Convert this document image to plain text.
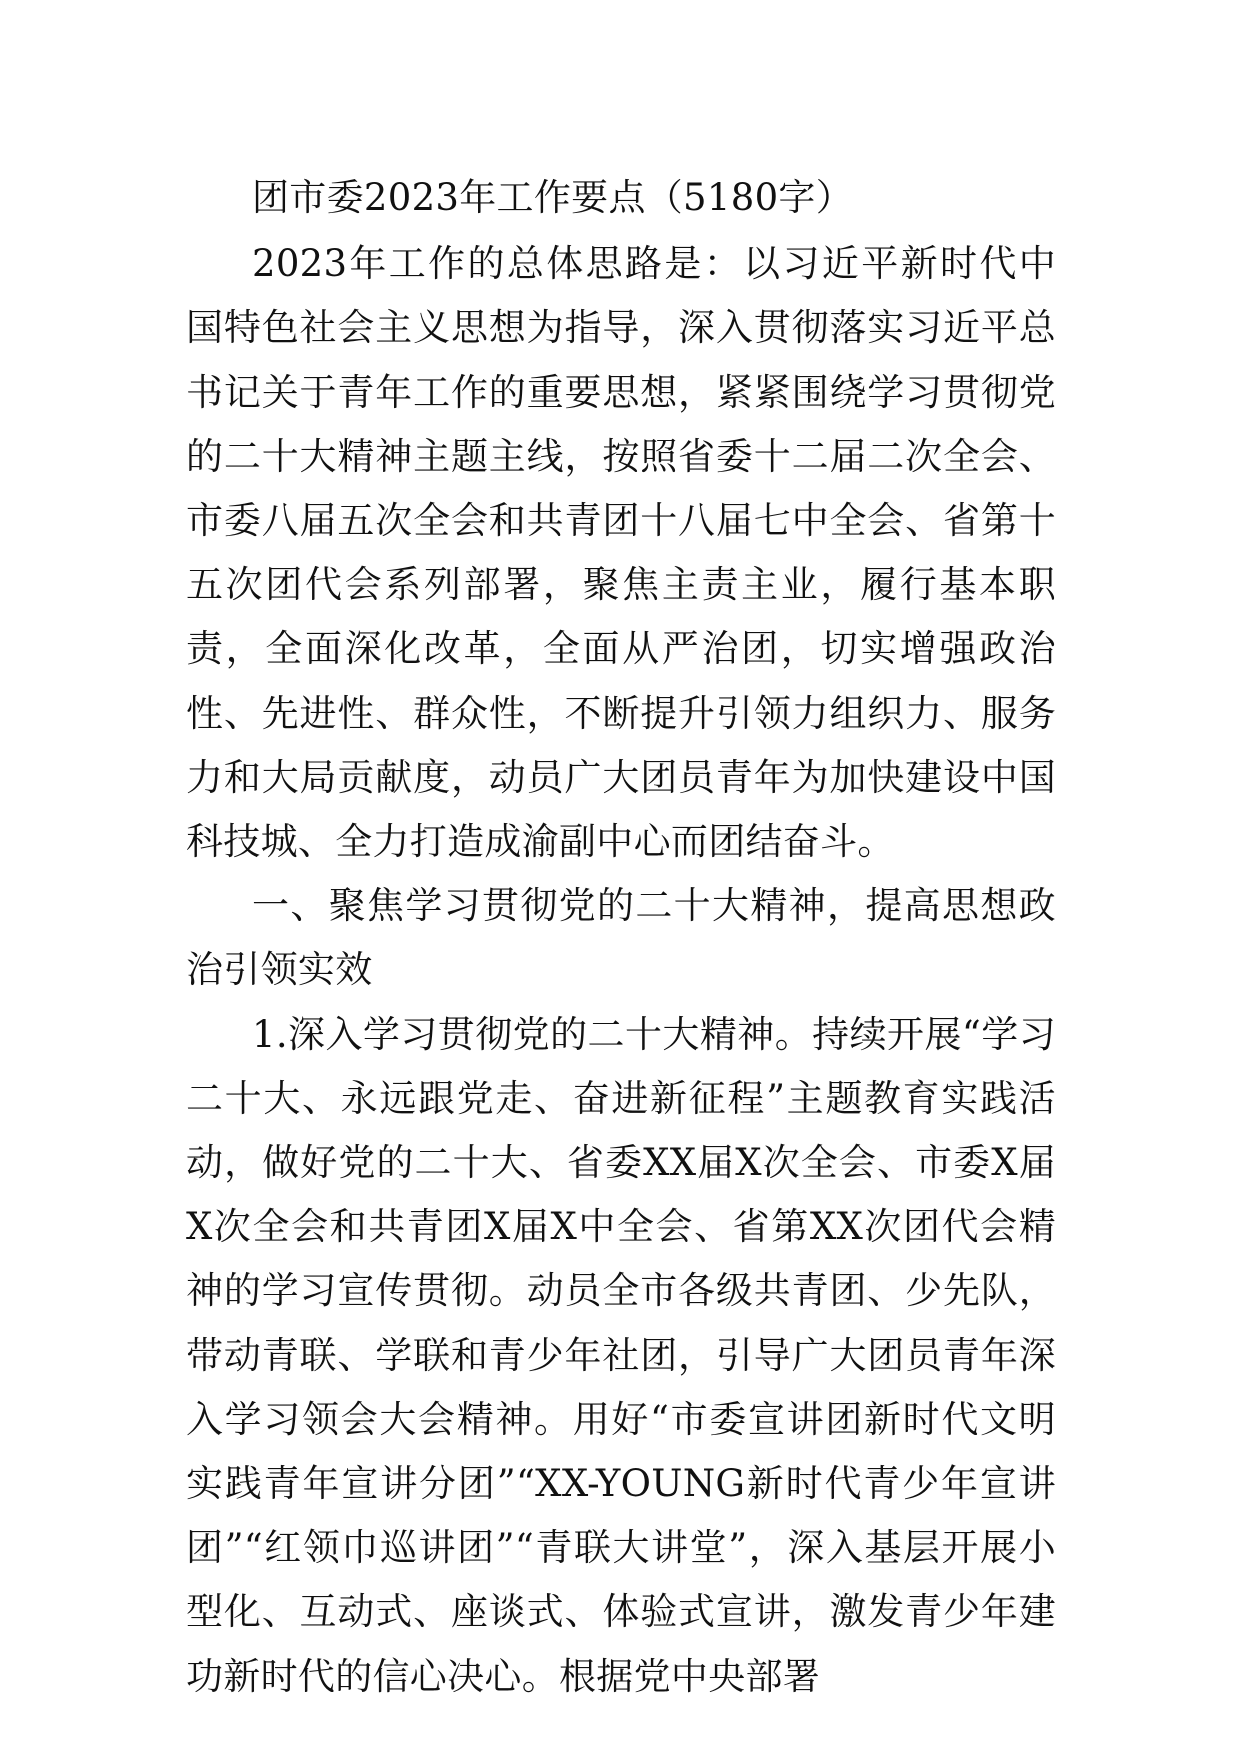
团市委2023年工作要点（5180字）

2023年工作的总体思路是：以习近平新时代中国特色社会主义思想为指导，深入贯彻落实习近平总书记关于青年工作的重要思想，紧紧围绕学习贯彻党的二十大精神主题主线，按照省委十二届二次全会、市委八届五次全会和共青团十八届七中全会、省第十五次团代会系列部署，聚焦主责主业，履行基本职责，全面深化改革，全面从严治团，切实增强政治性、先进性、群众性，不断提升引领力组织力、服务力和大局贡献度，动员广大团员青年为加快建设中国科技城、全力打造成渝副中心而团结奋斗。

一、聚焦学习贯彻党的二十大精神，提高思想政治引领实效

1.深入学习贯彻党的二十大精神。持续开展“学习二十大、永远跟党走、奋进新征程”主题教育实践活动，做好党的二十大、省委XX届X次全会、市委X届X次全会和共青团X届X中全会、省第XX次团代会精神的学习宣传贯彻。动员全市各级共青团、少先队，带动青联、学联和青少年社团，引导广大团员青年深入学习领会大会精神。用好“市委宣讲团新时代文明实践青年宣讲分团”“XX-YOUNG新时代青少年宣讲团”“红领巾巡讲团”“青联大讲堂”，深入基层开展小型化、互动式、座谈式、体验式宣讲，激发青少年建功新时代的信心决心。根据党中央部署
